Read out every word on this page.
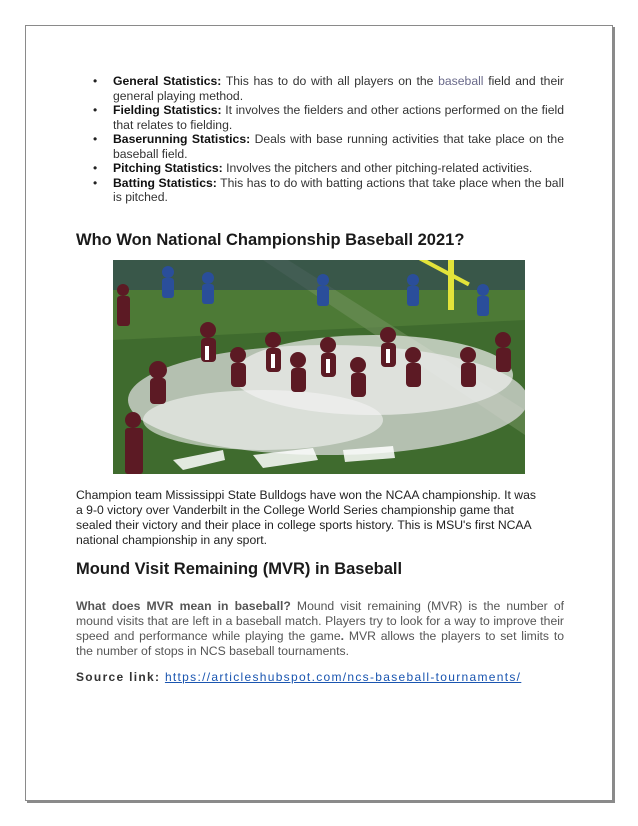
• General Statistics: This has to do with all players on the baseball field and their general playing method.
• Fielding Statistics: It involves the fielders and other actions performed on the field that relates to fielding.
• Baserunning Statistics: Deals with base running activities that take place on the baseball field.
• Pitching Statistics: Involves the pitchers and other pitching-related activities.
• Batting Statistics: This has to do with batting actions that take place when the ball is pitched.
Who Won National Championship Baseball 2021?

Champion team Mississippi State Bulldogs have won the NCAA championship. It was a 9-0 victory over Vanderbilt in the College World Series championship game that sealed their victory and their place in college sports history. This is MSU's first NCAA national championship in any sport.

Mound Visit Remaining (MVR) in Baseball

What does MVR mean in baseball? Mound visit remaining (MVR) is the number of mound visits that are left in a baseball match. Players try to look for a way to improve their speed and performance while playing the game. MVR allows the players to set limits to the number of stops in NCS baseball tournaments.

Source link: https://articleshubspot.com/ncs-baseball-tournaments/
